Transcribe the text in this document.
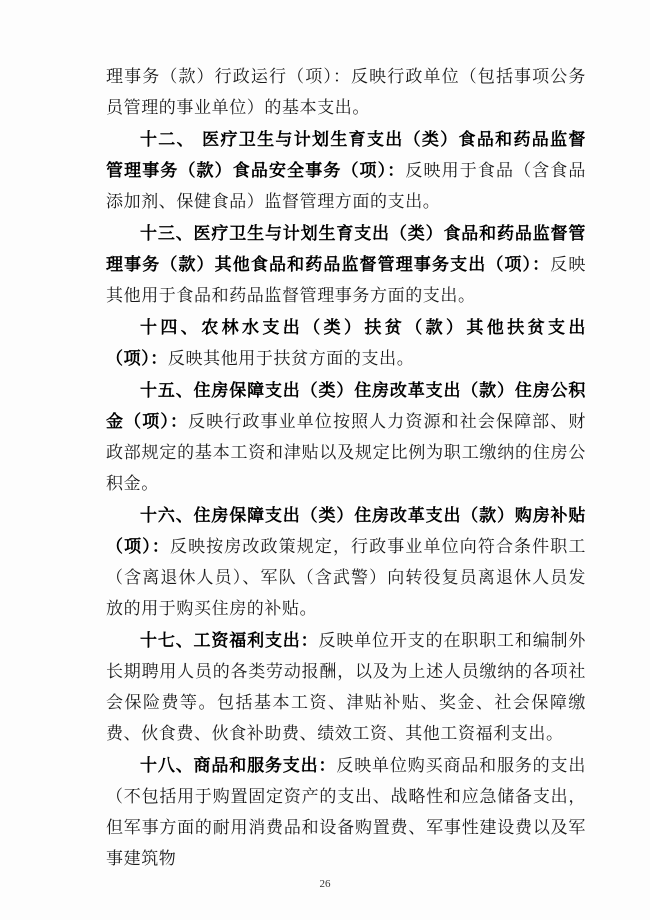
理事务（款）行政运行（项）：反映行政单位（包括事项公务员管理的事业单位）的基本支出。

十二、 医疗卫生与计划生育支出（类）食品和药品监督管理事务（款）食品安全事务（项）：反映用于食品（含食品添加剂、保健食品）监督管理方面的支出。

十三、医疗卫生与计划生育支出（类）食品和药品监督管理事务（款）其他食品和药品监督管理事务支出（项）：反映其他用于食品和药品监督管理事务方面的支出。

十四、农林水支出（类）扶贫（款）其他扶贫支出（项）：反映其他用于扶贫方面的支出。

十五、住房保障支出（类）住房改革支出（款）住房公积金（项）：反映行政事业单位按照人力资源和社会保障部、财政部规定的基本工资和津贴以及规定比例为职工缴纳的住房公积金。

十六、住房保障支出（类）住房改革支出（款）购房补贴（项）：反映按房改政策规定，行政事业单位向符合条件职工（含离退休人员）、军队（含武警）向转役复员离退休人员发放的用于购买住房的补贴。

十七、工资福利支出：反映单位开支的在职职工和编制外长期聘用人员的各类劳动报酬，以及为上述人员缴纳的各项社会保险费等。包括基本工资、津贴补贴、奖金、社会保障缴费、伙食费、伙食补助费、绩效工资、其他工资福利支出。

十八、商品和服务支出：反映单位购买商品和服务的支出（不包括用于购置固定资产的支出、战略性和应急储备支出，但军事方面的耐用消费品和设备购置费、军事性建设费以及军事建筑物

26
